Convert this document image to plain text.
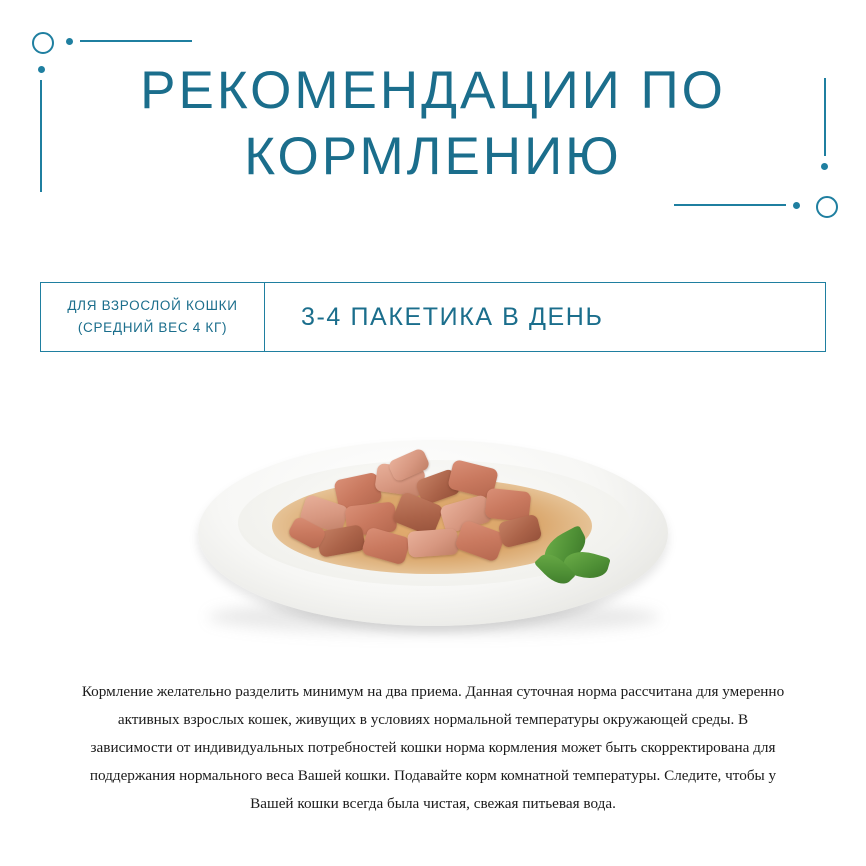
РЕКОМЕНДАЦИИ ПО
КОРМЛЕНИЮ
ДЛЯ ВЗРОСЛОЙ КОШКИ
(СРЕДНИЙ ВЕС 4 КГ)	3-4 ПАКЕТИКА В ДЕНЬ
Кормление желательно разделить минимум на два приема. Данная суточная норма рассчитана для умеренно активных взрослых кошек, живущих в условиях нормальной температуры окружающей среды. В зависимости от индивидуальных потребностей кошки норма кормления может быть скорректирована для поддержания нормального веса Вашей кошки. Подавайте корм комнатной температуры. Следите, чтобы у Вашей кошки всегда была чистая, свежая питьевая вода.
